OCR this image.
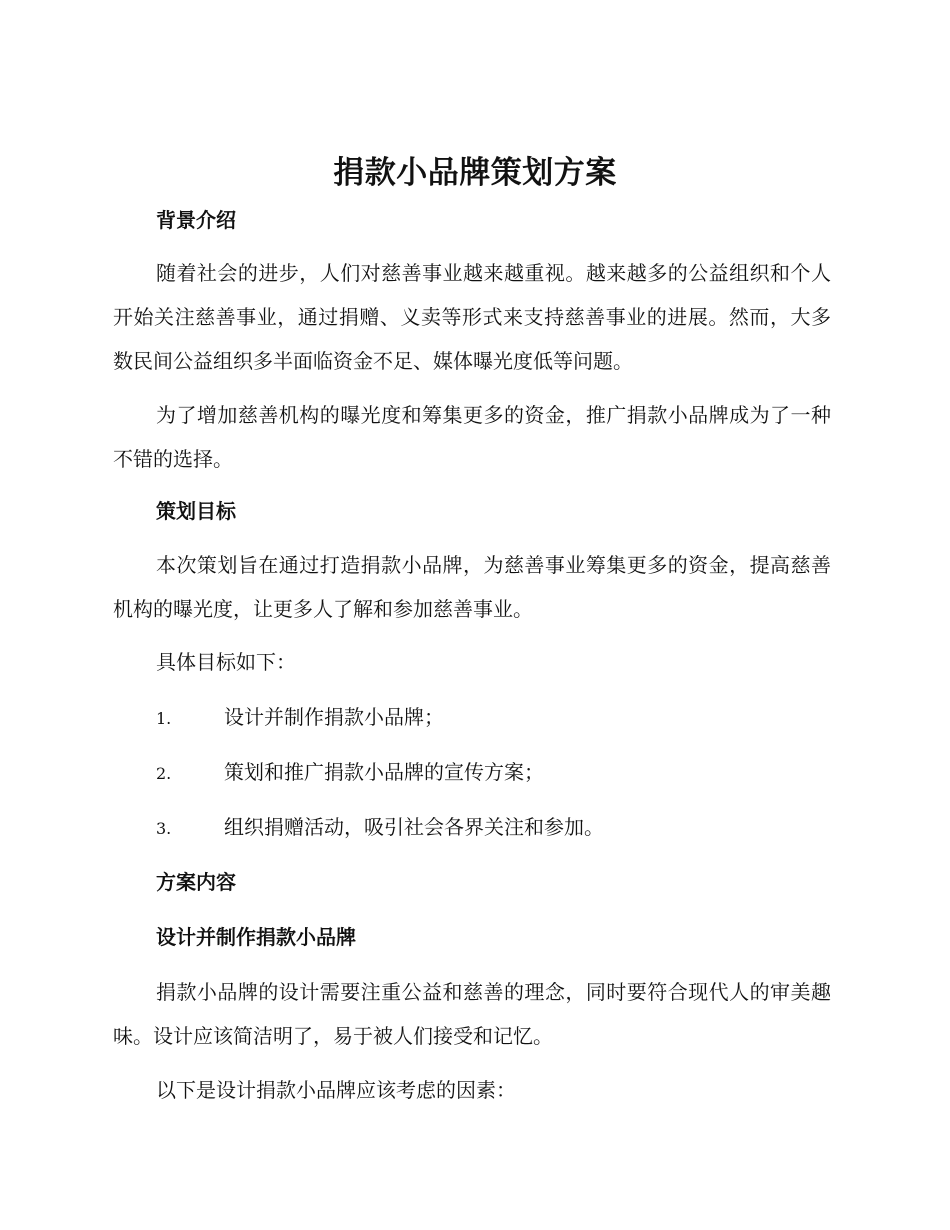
捐款小品牌策划方案
背景介绍
随着社会的进步，人们对慈善事业越来越重视。越来越多的公益组织和个人开始关注慈善事业，通过捐赠、义卖等形式来支持慈善事业的进展。然而，大多数民间公益组织多半面临资金不足、媒体曝光度低等问题。
为了增加慈善机构的曝光度和筹集更多的资金，推广捐款小品牌成为了一种不错的选择。
策划目标
本次策划旨在通过打造捐款小品牌，为慈善事业筹集更多的资金，提高慈善机构的曝光度，让更多人了解和参加慈善事业。
具体目标如下：
1.	设计并制作捐款小品牌；
2.	策划和推广捐款小品牌的宣传方案；
3.	组织捐赠活动，吸引社会各界关注和参加。
方案内容
设计并制作捐款小品牌
捐款小品牌的设计需要注重公益和慈善的理念，同时要符合现代人的审美趣味。设计应该简洁明了，易于被人们接受和记忆。
以下是设计捐款小品牌应该考虑的因素：
